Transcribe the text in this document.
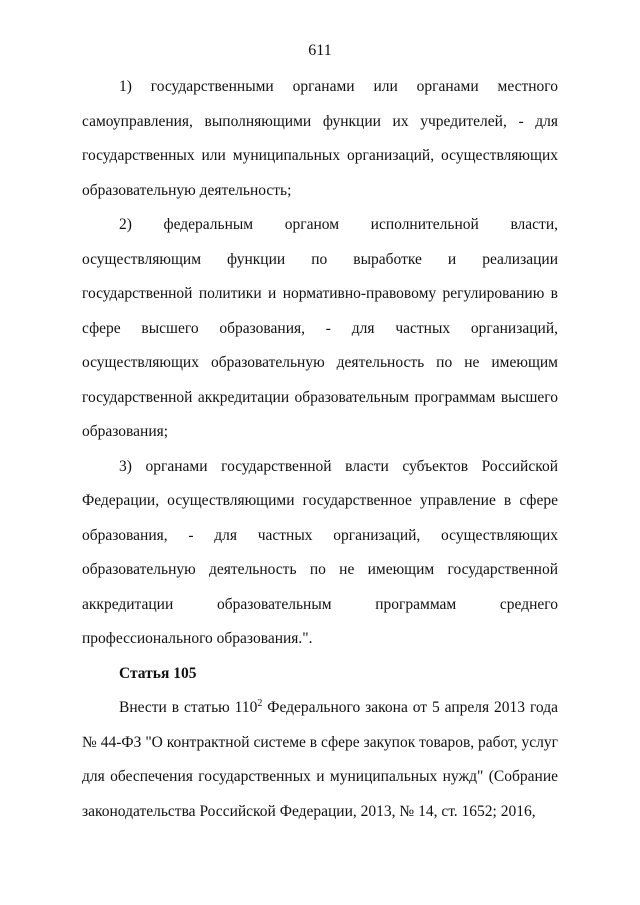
611

1) государственными органами или органами местного самоуправления, выполняющими функции их учредителей, - для государственных или муниципальных организаций, осуществляющих образовательную деятельность;

2) федеральным органом исполнительной власти, осуществляющим функции по выработке и реализации государственной политики и нормативно-правовому регулированию в сфере высшего образования, - для частных организаций, осуществляющих образовательную деятельность по не имеющим государственной аккредитации образовательным программам высшего образования;

3) органами государственной власти субъектов Российской Федерации, осуществляющими государственное управление в сфере образования, - для частных организаций, осуществляющих образовательную деятельность по не имеющим государственной аккредитации образовательным программам среднего профессионального образования.".

Статья 105

Внести в статью $110^2$ Федерального закона от 5 апреля 2013 года № 44-ФЗ "О контрактной системе в сфере закупок товаров, работ, услуг для обеспечения государственных и муниципальных нужд" (Собрание законодательства Российской Федерации, 2013, № 14, ст. 1652; 2016,
